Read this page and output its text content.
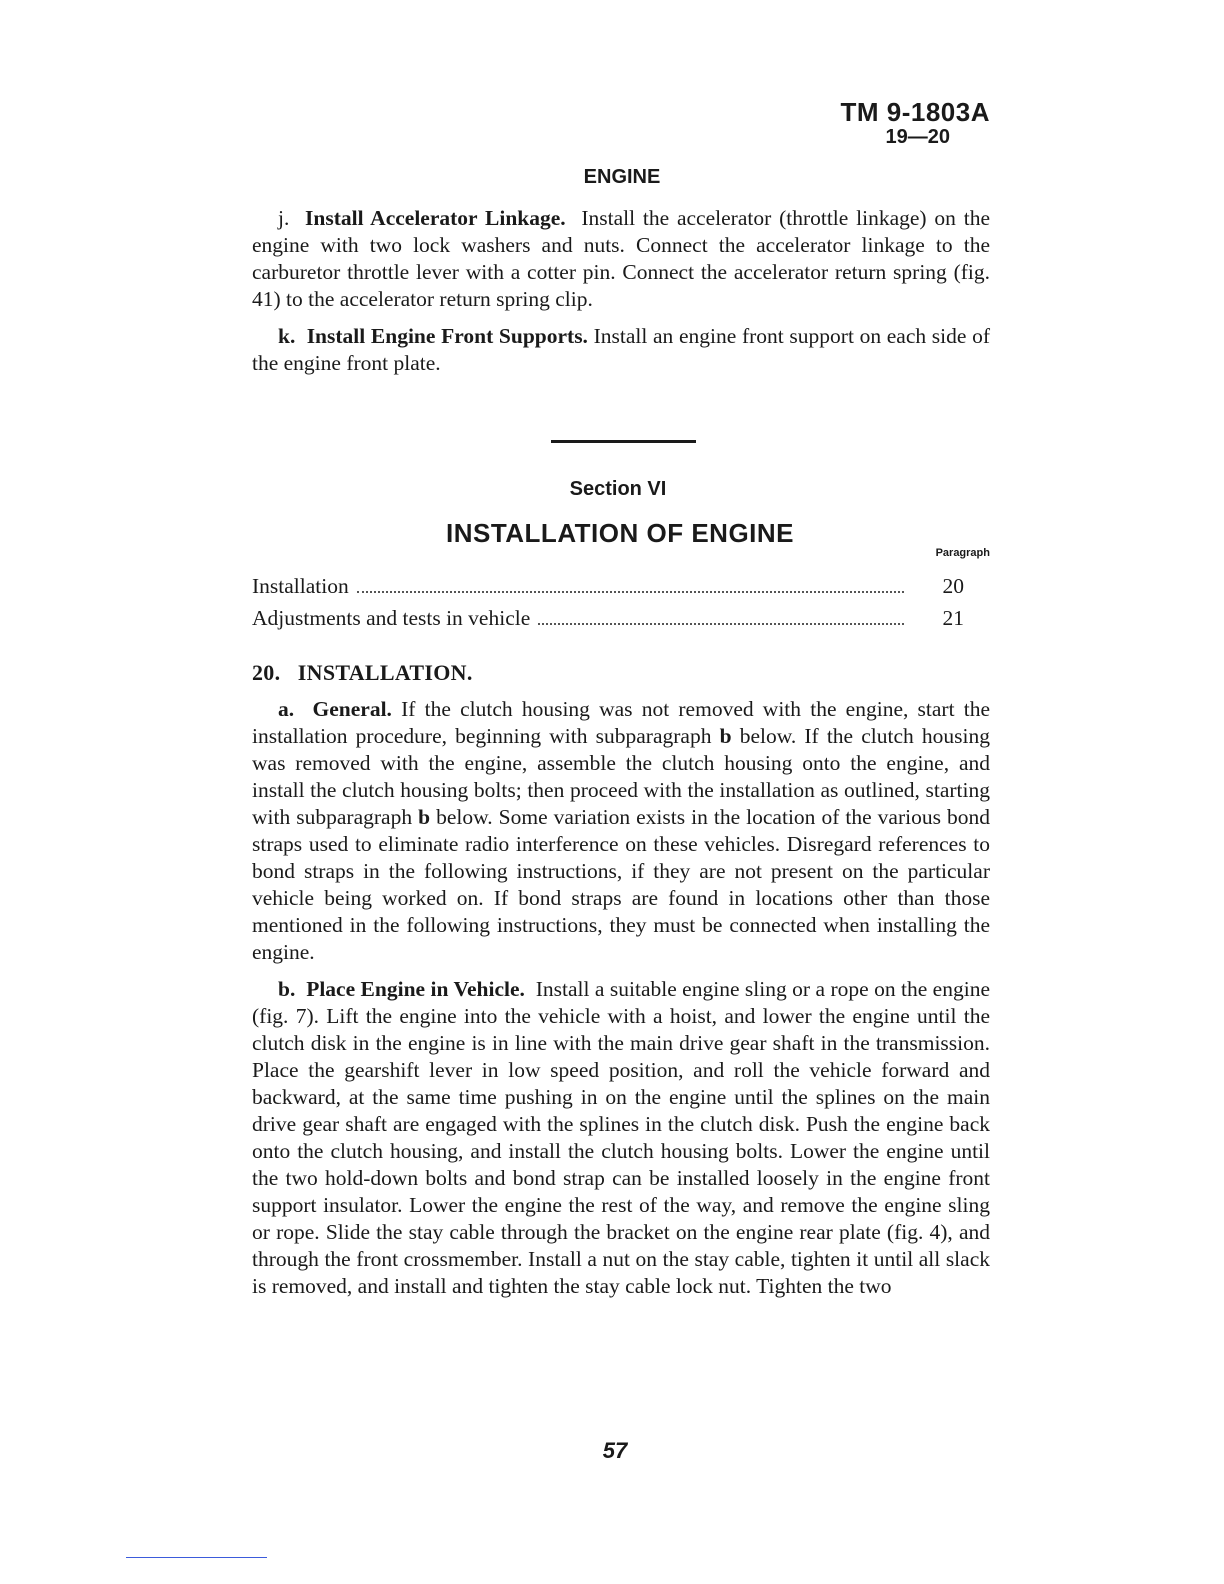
TM 9-1803A
19—20
ENGINE

j. Install Accelerator Linkage. Install the accelerator (throttle linkage) on the engine with two lock washers and nuts. Connect the accelerator linkage to the carburetor throttle lever with a cotter pin. Connect the accelerator return spring (fig. 41) to the accelerator return spring clip.

k. Install Engine Front Supports. Install an engine front support on each side of the engine front plate.

Section VI
INSTALLATION OF ENGINE
Paragraph
Installation	20
Adjustments and tests in vehicle	21
20.   INSTALLATION.

a. General. If the clutch housing was not removed with the engine, start the installation procedure, beginning with subparagraph b below. If the clutch housing was removed with the engine, assemble the clutch housing onto the engine, and install the clutch housing bolts; then proceed with the installation as outlined, starting with subparagraph b below. Some variation exists in the location of the various bond straps used to eliminate radio interference on these vehicles. Disregard references to bond straps in the following instructions, if they are not present on the particular vehicle being worked on. If bond straps are found in locations other than those mentioned in the following instructions, they must be connected when installing the engine.

b. Place Engine in Vehicle. Install a suitable engine sling or a rope on the engine (fig. 7). Lift the engine into the vehicle with a hoist, and lower the engine until the clutch disk in the engine is in line with the main drive gear shaft in the transmission. Place the gearshift lever in low speed position, and roll the vehicle forward and backward, at the same time pushing in on the engine until the splines on the main drive gear shaft are engaged with the splines in the clutch disk. Push the engine back onto the clutch housing, and install the clutch housing bolts. Lower the engine until the two hold-down bolts and bond strap can be installed loosely in the engine front support insulator. Lower the engine the rest of the way, and remove the engine sling or rope. Slide the stay cable through the bracket on the engine rear plate (fig. 4), and through the front crossmember. Install a nut on the stay cable, tighten it until all slack is removed, and install and tighten the stay cable lock nut. Tighten the two

57
